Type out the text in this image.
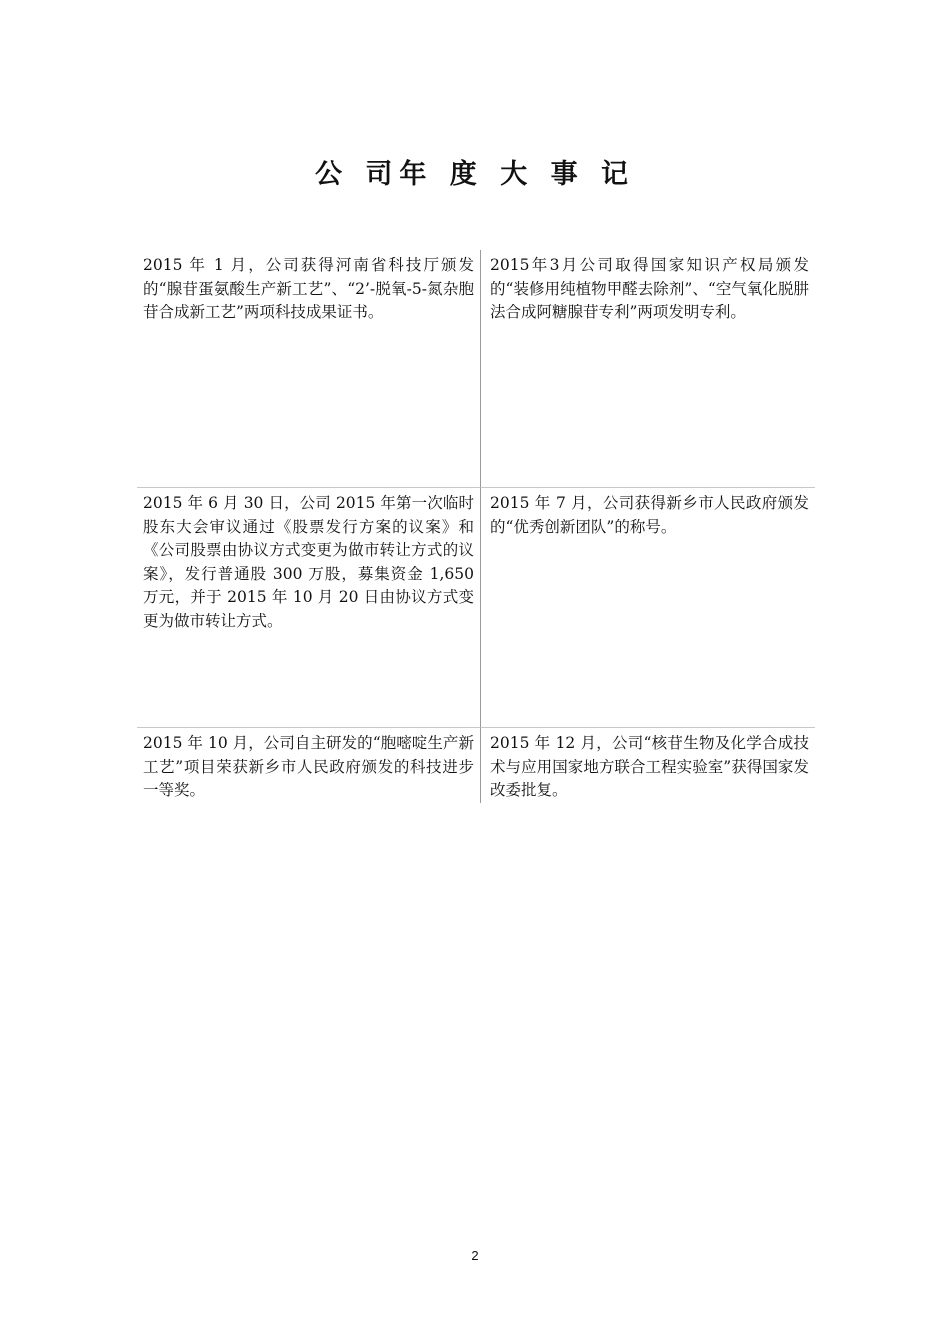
公 司年 度 大 事 记
2015 年 1 月，公司获得河南省科技厅颁发的“腺苷蛋氨酸生产新工艺”、“2’-脱氧-5-氮杂胞苷合成新工艺”两项科技成果证书。
2015年3月公司取得国家知识产权局颁发的“装修用纯植物甲醛去除剂”、“空气氧化脱肼法合成阿糖腺苷专利”两项发明专利。
2015 年 6 月 30 日，公司 2015 年第一次临时股东大会审议通过《股票发行方案的议案》和《公司股票由协议方式变更为做市转让方式的议案》，发行普通股 300 万股，募集资金 1,650 万元，并于 2015 年 10 月 20 日由协议方式变更为做市转让方式。
2015 年 7 月，公司获得新乡市人民政府颁发的“优秀创新团队”的称号。
2015 年 10 月，公司自主研发的“胞嘧啶生产新工艺”项目荣获新乡市人民政府颁发的科技进步一等奖。
2015 年 12 月，公司“核苷生物及化学合成技术与应用国家地方联合工程实验室”获得国家发改委批复。
2
